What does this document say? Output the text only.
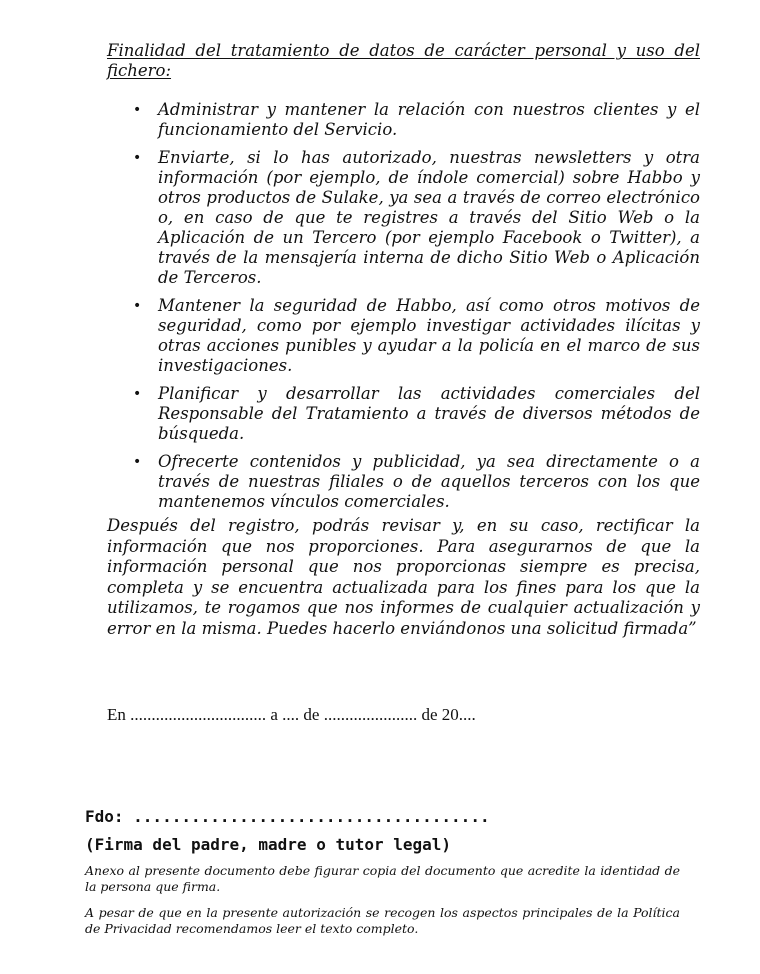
Finalidad del tratamiento de datos de carácter personal y uso del fichero:

• Administrar y mantener la relación con nuestros clientes y el funcionamiento del Servicio.
• Enviarte, si lo has autorizado, nuestras newsletters y otra información (por ejemplo, de índole comercial) sobre Habbo y otros productos de Sulake, ya sea a través de correo electrónico o, en caso de que te registres a través del Sitio Web o la Aplicación de un Tercero (por ejemplo Facebook o Twitter), a través de la mensajería interna de dicho Sitio Web o Aplicación de Terceros.
• Mantener la seguridad de Habbo, así como otros motivos de seguridad, como por ejemplo investigar actividades ilícitas y otras acciones punibles y ayudar a la policía en el marco de sus investigaciones.
• Planificar y desarrollar las actividades comerciales del Responsable del Tratamiento a través de diversos métodos de búsqueda.
• Ofrecerte contenidos y publicidad, ya sea directamente o a través de nuestras filiales o de aquellos terceros con los que mantenemos vínculos comerciales.

Después del registro, podrás revisar y, en su caso, rectificar la información que nos proporciones. Para asegurarnos de que la información personal que nos proporcionas siempre es precisa, completa y se encuentra actualizada para los fines para los que la utilizamos, te rogamos que nos informes de cualquier actualización y error en la misma. Puedes hacerlo enviándonos una solicitud firmada”

En ................................ a .... de ...................... de 20....

Fdo: .....................................

(Firma del padre, madre o tutor legal)

Anexo al presente documento debe figurar copia del documento que acredite la identidad de la persona que firma.

A pesar de que en la presente autorización se recogen los aspectos principales de la Política de Privacidad recomendamos leer el texto completo.
